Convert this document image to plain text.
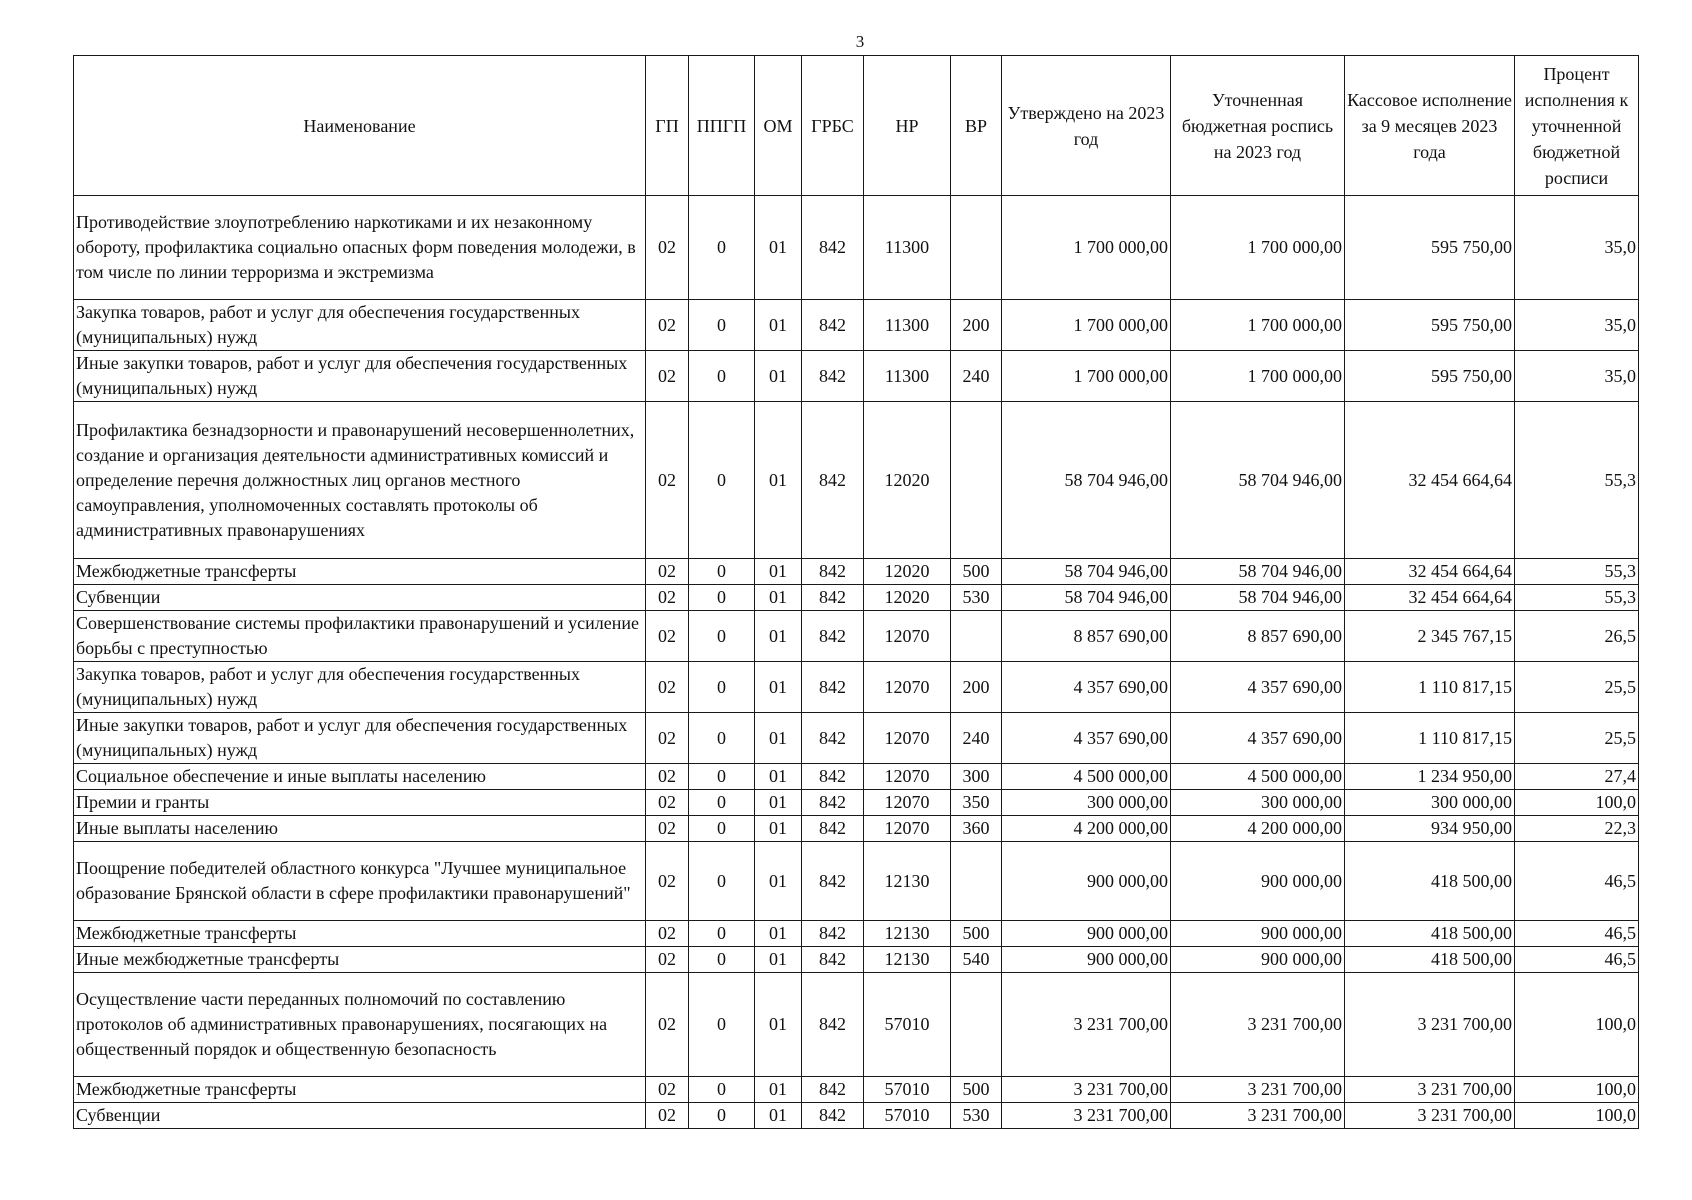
3
Наименование	ГП	ППГП	ОМ	ГРБС	НР	ВР	Утверждено на 2023 год	Уточненная бюджетная роспись на 2023 год	Кассовое исполнение за 9 месяцев 2023 года	Процент исполнения к уточненной бюджетной росписи
Противодействие злоупотреблению наркотиками и их незаконному обороту, профилактика социально опасных форм поведения молодежи, в том числе по линии терроризма и экстремизма	02	0	01	842	11300		1 700 000,00	1 700 000,00	595 750,00	35,0
Закупка товаров, работ и услуг для обеспечения государственных (муниципальных) нужд	02	0	01	842	11300	200	1 700 000,00	1 700 000,00	595 750,00	35,0
Иные закупки товаров, работ и услуг для обеспечения государственных (муниципальных) нужд	02	0	01	842	11300	240	1 700 000,00	1 700 000,00	595 750,00	35,0
Профилактика безнадзорности и правонарушений несовершеннолетних, создание и организация деятельности административных комиссий и определение перечня должностных лиц органов местного самоуправления, уполномоченных составлять протоколы об административных правонарушениях	02	0	01	842	12020		58 704 946,00	58 704 946,00	32 454 664,64	55,3
Межбюджетные трансферты	02	0	01	842	12020	500	58 704 946,00	58 704 946,00	32 454 664,64	55,3
Субвенции	02	0	01	842	12020	530	58 704 946,00	58 704 946,00	32 454 664,64	55,3
Совершенствование системы профилактики правонарушений и усиление борьбы с преступностью	02	0	01	842	12070		8 857 690,00	8 857 690,00	2 345 767,15	26,5
Закупка товаров, работ и услуг для обеспечения государственных (муниципальных) нужд	02	0	01	842	12070	200	4 357 690,00	4 357 690,00	1 110 817,15	25,5
Иные закупки товаров, работ и услуг для обеспечения государственных (муниципальных) нужд	02	0	01	842	12070	240	4 357 690,00	4 357 690,00	1 110 817,15	25,5
Социальное обеспечение и иные выплаты населению	02	0	01	842	12070	300	4 500 000,00	4 500 000,00	1 234 950,00	27,4
Премии и гранты	02	0	01	842	12070	350	300 000,00	300 000,00	300 000,00	100,0
Иные выплаты населению	02	0	01	842	12070	360	4 200 000,00	4 200 000,00	934 950,00	22,3
Поощрение победителей областного конкурса "Лучшее муниципальное образование Брянской области в сфере профилактики правонарушений"	02	0	01	842	12130		900 000,00	900 000,00	418 500,00	46,5
Межбюджетные трансферты	02	0	01	842	12130	500	900 000,00	900 000,00	418 500,00	46,5
Иные межбюджетные трансферты	02	0	01	842	12130	540	900 000,00	900 000,00	418 500,00	46,5
Осуществление части переданных полномочий по составлению протоколов об административных правонарушениях, посягающих на общественный порядок и общественную безопасность	02	0	01	842	57010		3 231 700,00	3 231 700,00	3 231 700,00	100,0
Межбюджетные трансферты	02	0	01	842	57010	500	3 231 700,00	3 231 700,00	3 231 700,00	100,0
Субвенции	02	0	01	842	57010	530	3 231 700,00	3 231 700,00	3 231 700,00	100,0
